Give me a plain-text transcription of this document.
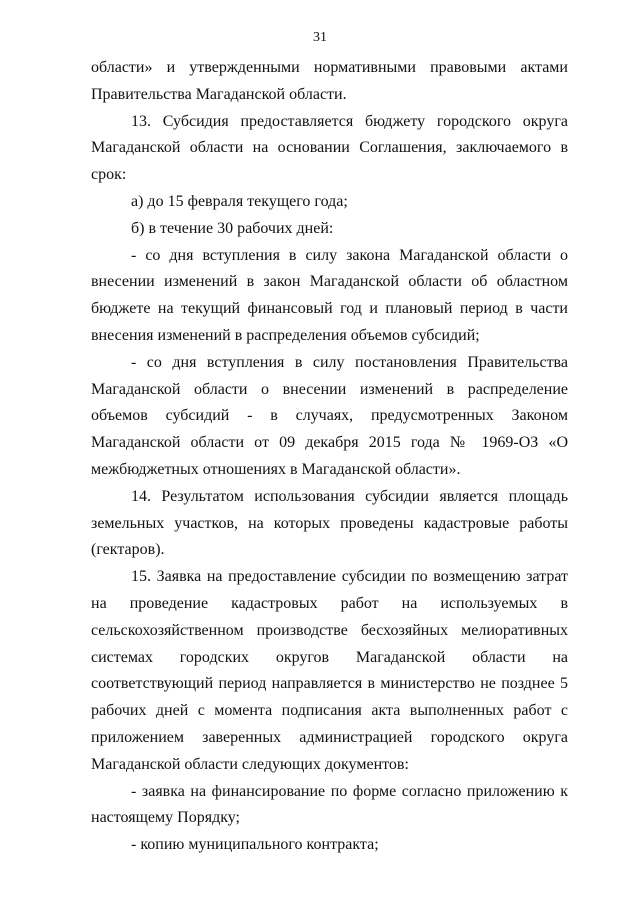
31

области» и утвержденными нормативными правовыми актами Правительства Магаданской области.

13. Субсидия предоставляется бюджету городского округа Магаданской области на основании Соглашения, заключаемого в срок:

а) до 15 февраля текущего года;

б) в течение 30 рабочих дней:

- со дня вступления в силу закона Магаданской области о внесении изменений в закон Магаданской области об областном бюджете на текущий финансовый год и плановый период в части внесения изменений в распределения объемов субсидий;

- со дня вступления в силу постановления Правительства Магаданской области о внесении изменений в распределение объемов субсидий - в случаях, предусмотренных Законом Магаданской области от 09 декабря 2015 года № 1969-ОЗ «О межбюджетных отношениях в Магаданской области».

14. Результатом использования субсидии является площадь земельных участков, на которых проведены кадастровые работы (гектаров).

15. Заявка на предоставление субсидии по возмещению затрат на проведение кадастровых работ на используемых в сельскохозяйственном производстве бесхозяйных мелиоративных системах городских округов Магаданской области на соответствующий период направляется в министерство не позднее 5 рабочих дней с момента подписания акта выполненных работ с приложением заверенных администрацией городского округа Магаданской области следующих документов:

- заявка на финансирование по форме согласно приложению к настоящему Порядку;

- копию муниципального контракта;
